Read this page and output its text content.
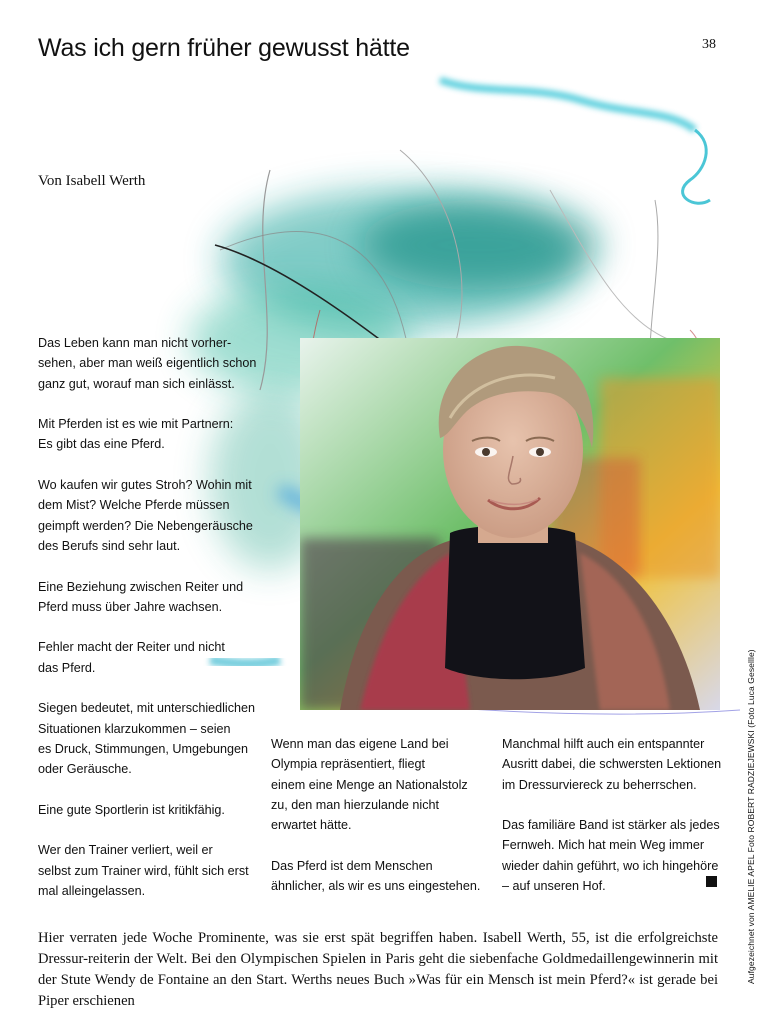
Was ich gern früher gewusst hätte	38
Von Isabell Werth

Das Leben kann man nicht vorher-
sehen, aber man weiß eigentlich schon
ganz gut, worauf man sich einlässt.

Mit Pferden ist es wie mit Partnern:
Es gibt das eine Pferd.

Wo kaufen wir gutes Stroh? Wohin mit
dem Mist? Welche Pferde müssen
geimpft werden? Die Nebengeräusche
des Berufs sind sehr laut.

Eine Beziehung zwischen Reiter und
Pferd muss über Jahre wachsen.

Fehler macht der Reiter und nicht
das Pferd.

Siegen bedeutet, mit unterschiedlichen
Situationen klarzukommen – seien
es Druck, Stimmungen, Umgebungen
oder Geräusche.

Eine gute Sportlerin ist kritikfähig.

Wer den Trainer verliert, weil er
selbst zum Trainer wird, fühlt sich erst
mal alleingelassen.

Wenn man das eigene Land bei
Olympia repräsentiert, fliegt
einem eine Menge an Nationalstolz
zu, den man hierzulande nicht
erwartet hätte.

Das Pferd ist dem Menschen
ähnlicher, als wir es uns eingestehen.

Manchmal hilft auch ein entspannter
Ausritt dabei, die schwersten Lektionen
im Dressurviereck zu beherrschen.

Das familiäre Band ist stärker als jedes
Fernweh. Mich hat mein Weg immer
wieder dahin geführt, wo ich hingehöre
– auf unseren Hof.	Aufgezeichnet von AMELIE APEL Foto ROBERT RADZIEJEWSKI (Foto Luca Gesellle)
Hier verraten jede Woche Prominente, was sie erst spät begriffen haben. Isabell Werth, 55, ist die erfolgreichste Dressur-reiterin der Welt. Bei den Olympischen Spielen in Paris geht die siebenfache Goldmedaillengewinnerin mit der Stute Wendy de Fontaine an den Start. Werths neues Buch »Was für ein Mensch ist mein Pferd?« ist gerade bei Piper erschienen
